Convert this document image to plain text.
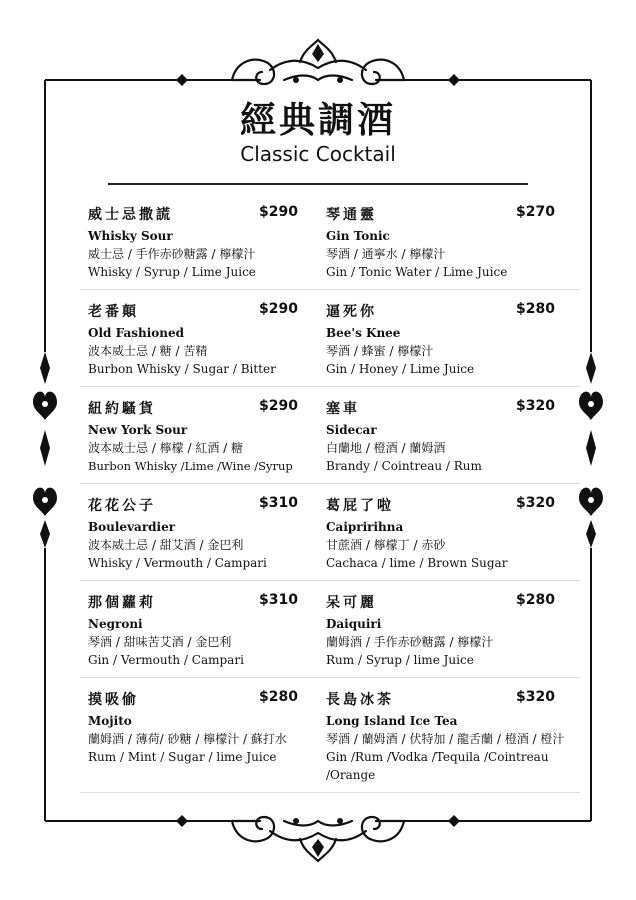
經典調酒
Classic Cocktail
威士忌撒謊	$290
Whisky Sour
威士忌 / 手作赤砂糖露 / 檸檬汁
Whisky / Syrup / Lime Juice
琴通靈	$270
Gin Tonic
琴酒 / 通寧水 / 檸檬汁
Gin / Tonic Water / Lime Juice
老番顛	$290
Old Fashioned
波本威士忌 / 糖 / 苦精
Burbon Whisky / Sugar / Bitter
逼死你	$280
Bee's Knee
琴酒 / 蜂蜜 / 檸檬汁
Gin / Honey / Lime Juice
紐約騷貨	$290
New York Sour
波本威士忌 / 檸檬 / 紅酒 / 糖
Burbon Whisky /Lime /Wine /Syrup
塞車	$320
Sidecar
白蘭地 / 橙酒 / 蘭姆酒
Brandy / Cointreau / Rum
花花公子	$310
Boulevardier
波本威士忌 / 甜艾酒 / 金巴利
Whisky / Vermouth / Campari
葛屁了啦	$320
Caipririhna
甘蔗酒 / 檸檬丁 / 赤砂
Cachaca / lime / Brown Sugar
那個蘿莉	$310
Negroni
琴酒 / 甜味苦艾酒 / 金巴利
Gin / Vermouth / Campari
呆可麗	$280
Daiquiri
蘭姆酒 / 手作赤砂糖露 / 檸檬汁
Rum / Syrup / lime Juice
摸吸偷	$280
Mojito
蘭姆酒 / 薄荷/ 砂糖 / 檸檬汁 / 蘇打水
Rum / Mint / Sugar / lime Juice
長島冰茶	$320
Long Island Ice Tea
琴酒 / 蘭姆酒 / 伏特加 / 龍舌蘭 / 橙酒 / 橙汁
Gin /Rum /Vodka /Tequila /Cointreau /Orange
